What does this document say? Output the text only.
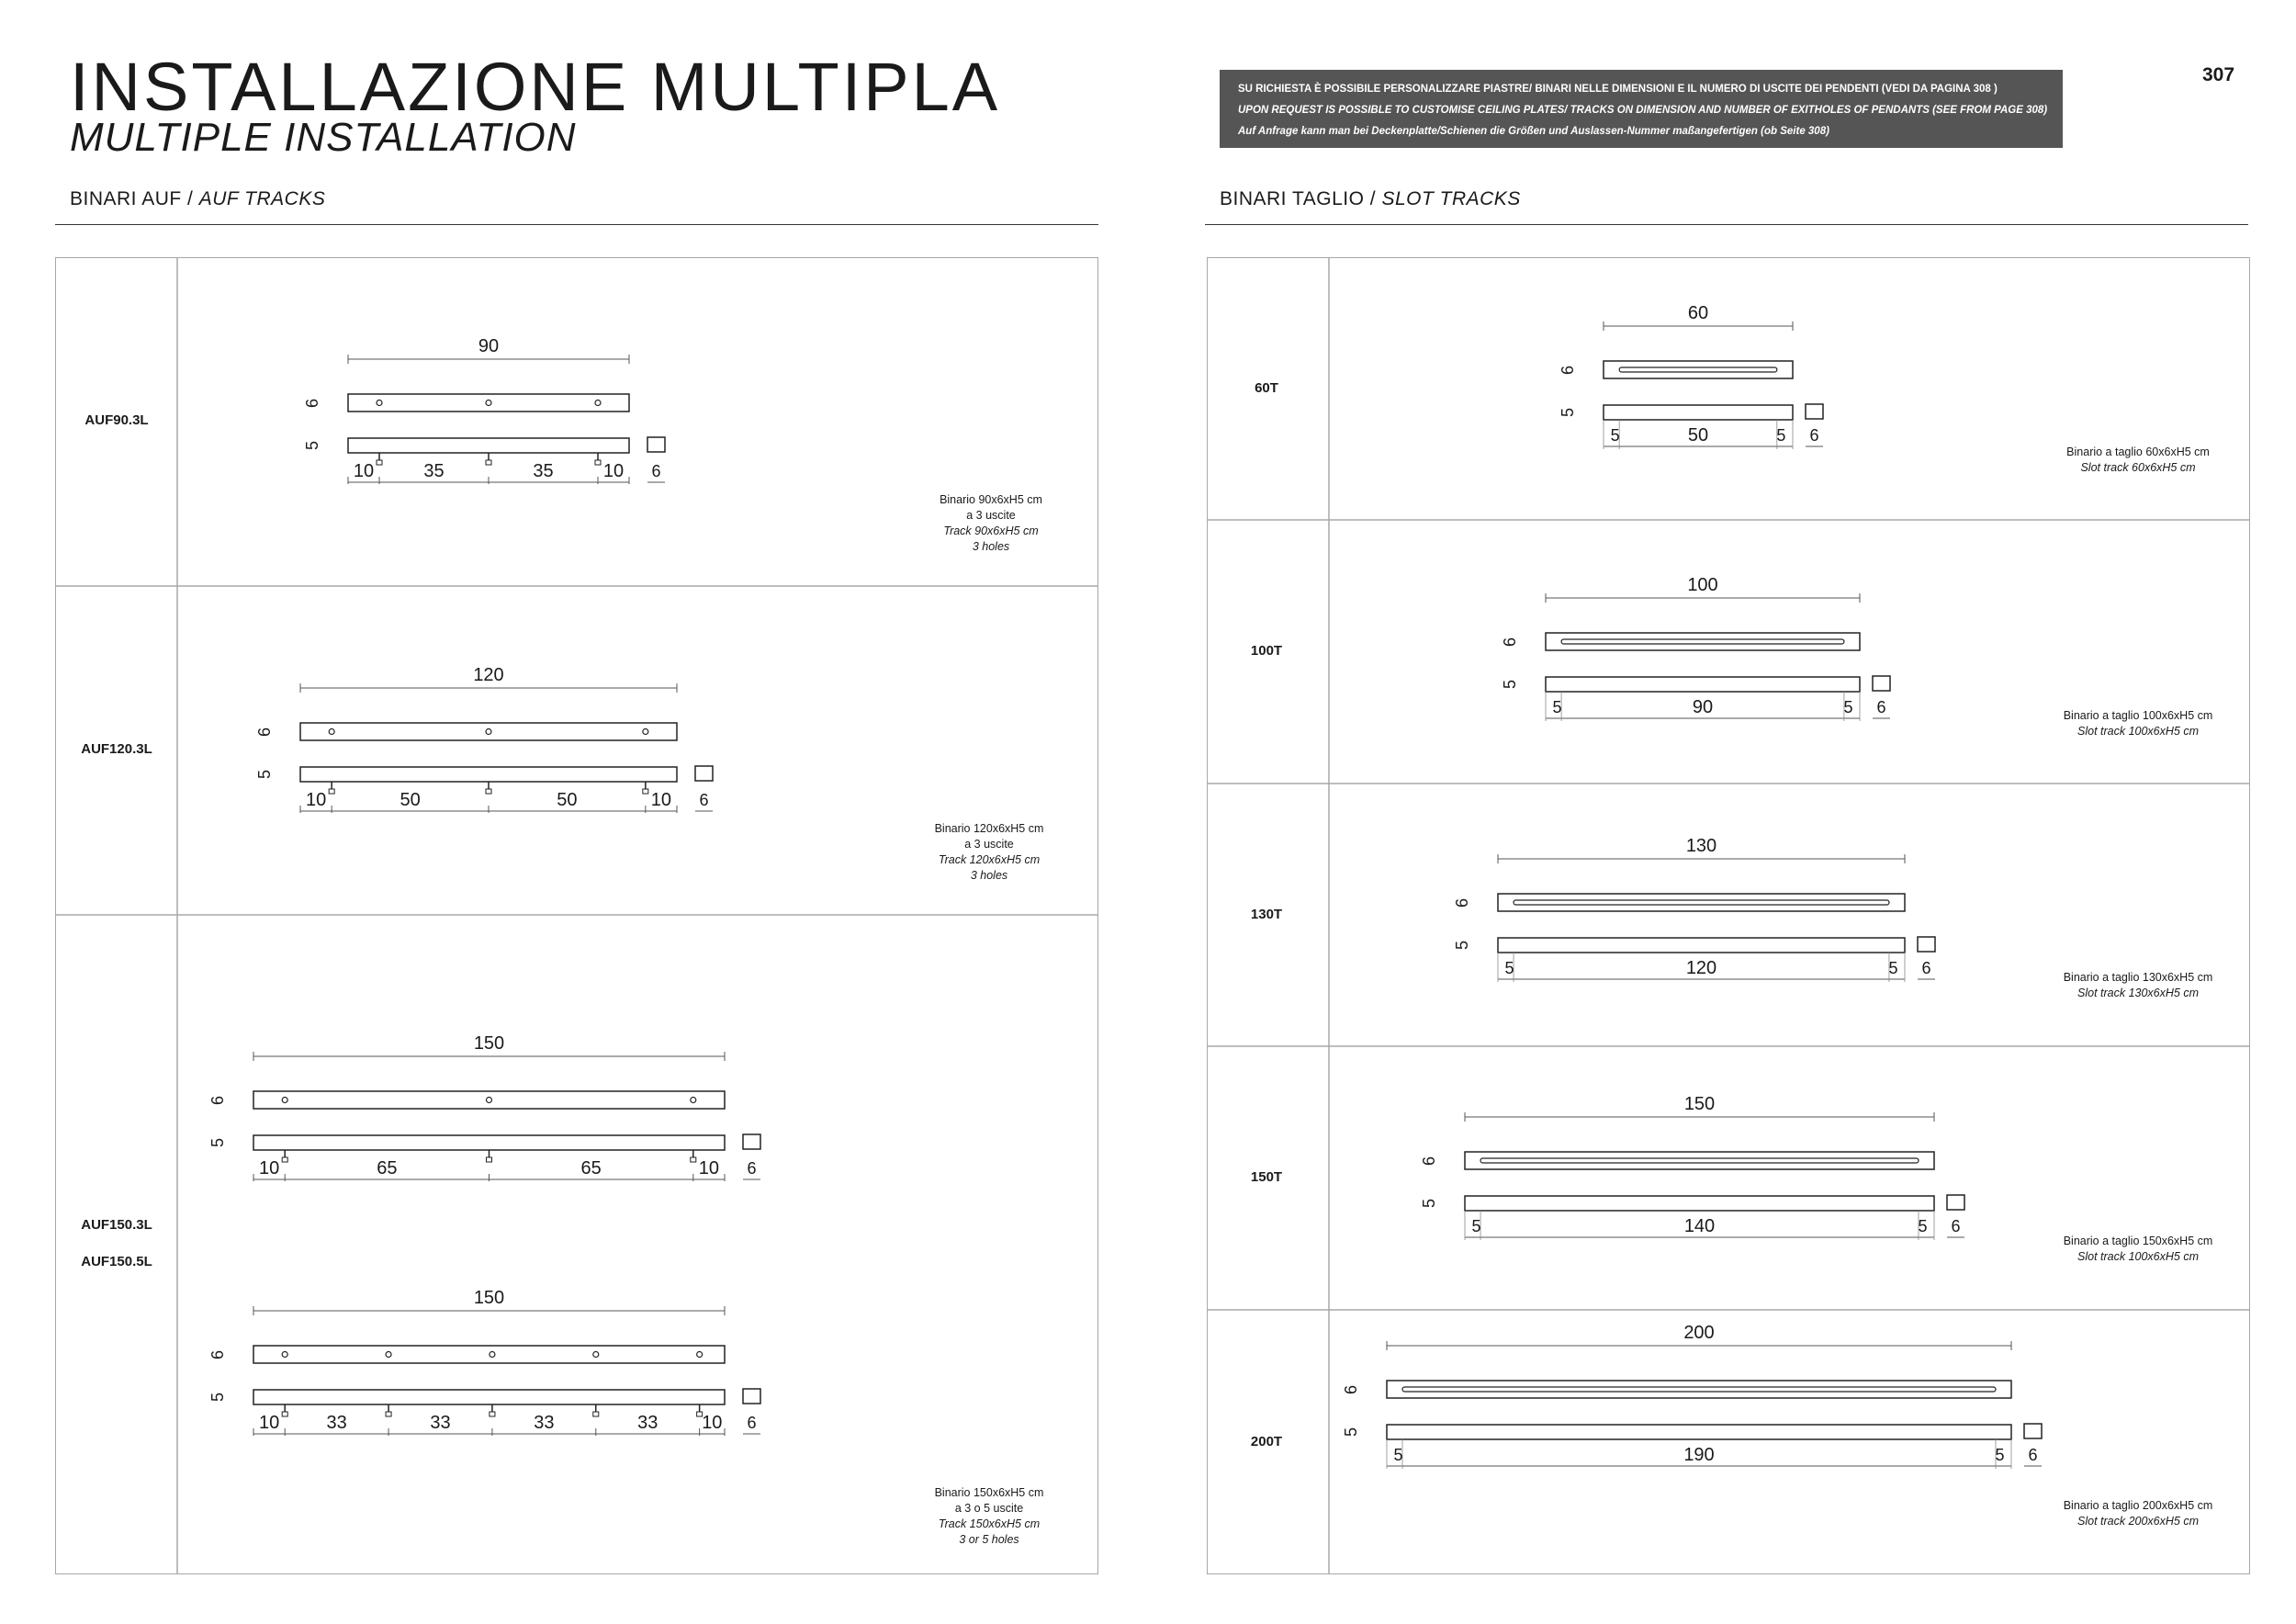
INSTALLAZIONE MULTIPLA
MULTIPLE INSTALLATION
SU RICHIESTA È POSSIBILE PERSONALIZZARE PIASTRE/ BINARI NELLE DIMENSIONI E IL NUMERO DI USCITE DEI PENDENTI (VEDI DA PAGINA 308 )
UPON REQUEST IS POSSIBLE TO CUSTOMISE CEILING PLATES/ TRACKS ON DIMENSION AND NUMBER OF EXITHOLES OF PENDANTS (SEE FROM PAGE 308)
Auf Anfrage kann man bei Deckenplatte/Schienen die Größen und Auslassen-Nummer maßangefertigen (ob Seite 308)
307
BINARI AUF / AUF TRACKS	BINARI TAGLIO / SLOT TRACKS
AUF90.3L
Binario 90x6xH5 cm
a 3 uscite
Track 90x6xH5 cm
3 holes
AUF120.3L
Binario 120x6xH5 cm
a 3 uscite
Track 120x6xH5 cm
3 holes
AUF150.3L
AUF150.5L
Binario 150x6xH5 cm
a 3 o 5 uscite
Track 150x6xH5 cm
3 or 5 holes
60T
Binario a taglio 60x6xH5 cm
Slot track 60x6xH5 cm
100T
Binario a taglio 100x6xH5 cm
Slot track 100x6xH5 cm
130T
Binario a taglio 130x6xH5 cm
Slot track 130x6xH5 cm
150T
Binario a taglio 150x6xH5 cm
Slot track 100x6xH5 cm
200T
Binario a taglio 200x6xH5 cm
Slot track 200x6xH5 cm
90
6
5
10	35	35	10 6
120
6
5
10	50	50	10 6
150
6
5
10	65	65	10 6
150
6
5
10	33	33	33	33 10 6
60
6
5
5	50	5 6
100
6
5
5	90	5 6
130
6
5
5	120	5 6
150
6
5
5	140	5 6
200
6
5
5	190	5 6
